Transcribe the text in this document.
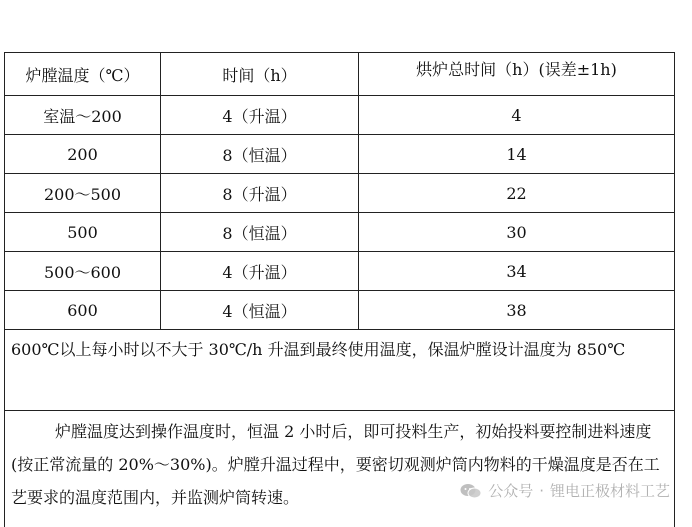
炉膛温度（℃）	时间（h）	烘炉总时间（h）(误差±1h)
室温～200	4（升温）	4
200	8（恒温）	14
200～500	8（升温）	22
500	8（恒温）	30
500～600	4（升温）	34
600	4（恒温）	38
600℃以上每小时以不大于 30℃/h 升温到最终使用温度，保温炉膛设计温度为 850℃		
炉膛温度达到操作温度时，恒温 2 小时后，即可投料生产，初始投料要控制进料速度(按正常流量的 20%～30%)。炉膛升温过程中，要密切观测炉筒内物料的干燥温度是否在工艺要求的温度范围内，并监测炉筒转速。			公众号 · 锂电正极材料工艺
